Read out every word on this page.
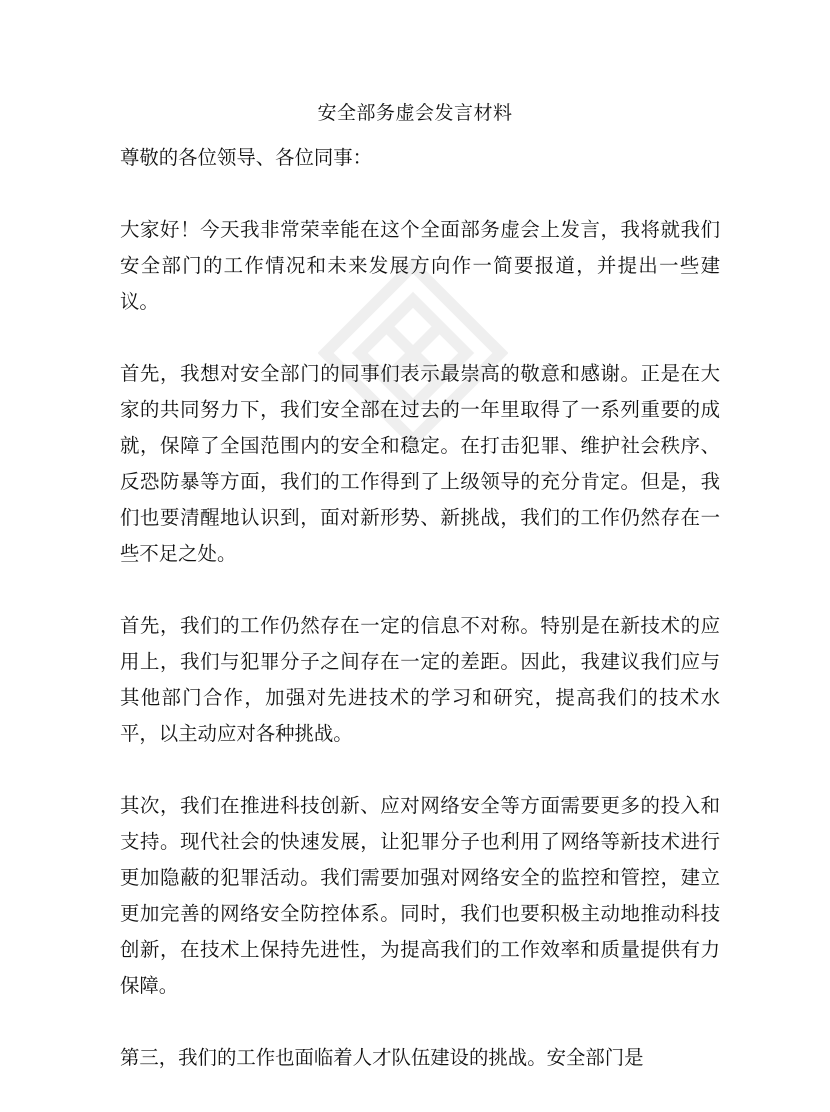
安全部务虚会发言材料

尊敬的各位领导、各位同事：

大家好！今天我非常荣幸能在这个全面部务虚会上发言，我将就我们安全部门的工作情况和未来发展方向作一简要报道，并提出一些建议。

首先，我想对安全部门的同事们表示最崇高的敬意和感谢。正是在大家的共同努力下，我们安全部在过去的一年里取得了一系列重要的成就，保障了全国范围内的安全和稳定。在打击犯罪、维护社会秩序、反恐防暴等方面，我们的工作得到了上级领导的充分肯定。但是，我们也要清醒地认识到，面对新形势、新挑战，我们的工作仍然存在一些不足之处。

首先，我们的工作仍然存在一定的信息不对称。特别是在新技术的应用上，我们与犯罪分子之间存在一定的差距。因此，我建议我们应与其他部门合作，加强对先进技术的学习和研究，提高我们的技术水平，以主动应对各种挑战。

其次，我们在推进科技创新、应对网络安全等方面需要更多的投入和支持。现代社会的快速发展，让犯罪分子也利用了网络等新技术进行更加隐蔽的犯罪活动。我们需要加强对网络安全的监控和管控，建立更加完善的网络安全防控体系。同时，我们也要积极主动地推动科技创新，在技术上保持先进性，为提高我们的工作效率和质量提供有力保障。

第三，我们的工作也面临着人才队伍建设的挑战。安全部门是
